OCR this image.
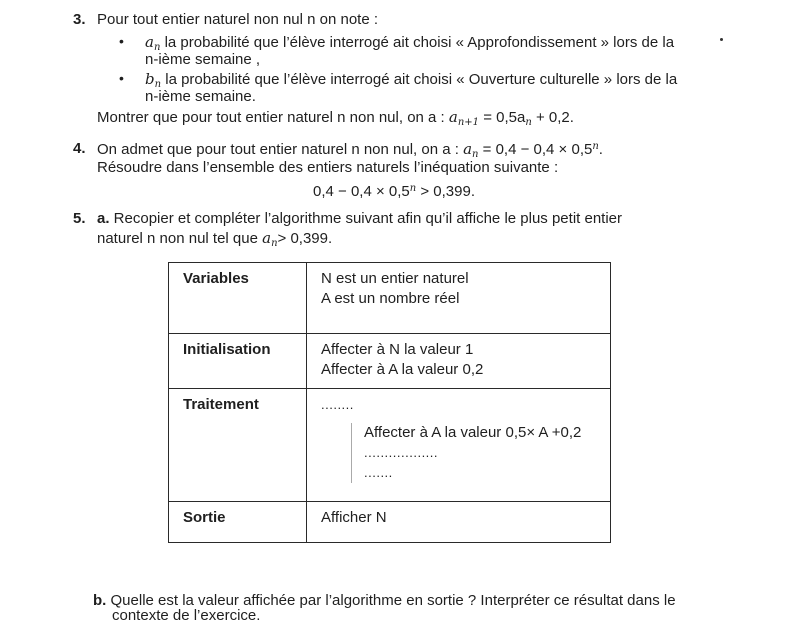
3. Pour tout entier naturel non nul n on note :
• $a_n$ la probabilité que l’élève interrogé ait choisi « Approfondissement » lors de la
n-ième semaine ,
• $b_n$ la probabilité que l’élève interrogé ait choisi « Ouverture culturelle » lors de la
n-ième semaine.
Montrer que pour tout entier naturel n non nul, on a : $a_{n+1} = 0,5a_n + 0,2$.
4. On admet que pour tout entier naturel n non nul, on a : $a_n = 0,4 - 0,4 \times 0,5^n$.
Résoudre dans l’ensemble des entiers naturels l’inéquation suivante :
$0,4 - 0,4 \times 0,5^n > 0,399$.
5. a. Recopier et compléter l’algorithme suivant afin qu’il affiche le plus petit entier
naturel n non nul tel que $a_n> 0,399$.
Variables	N est un entier naturel
A est un nombre réel

Initialisation	Affecter à N la valeur 1
Affecter à A la valeur 0,2

Traitement	........
Affecter à A la valeur 0,5× A +0,2
..................
.......

Sortie	Afficher N
b. Quelle est la valeur affichée par l’algorithme en sortie ? Interpréter ce résultat dans le
contexte de l’exercice.
